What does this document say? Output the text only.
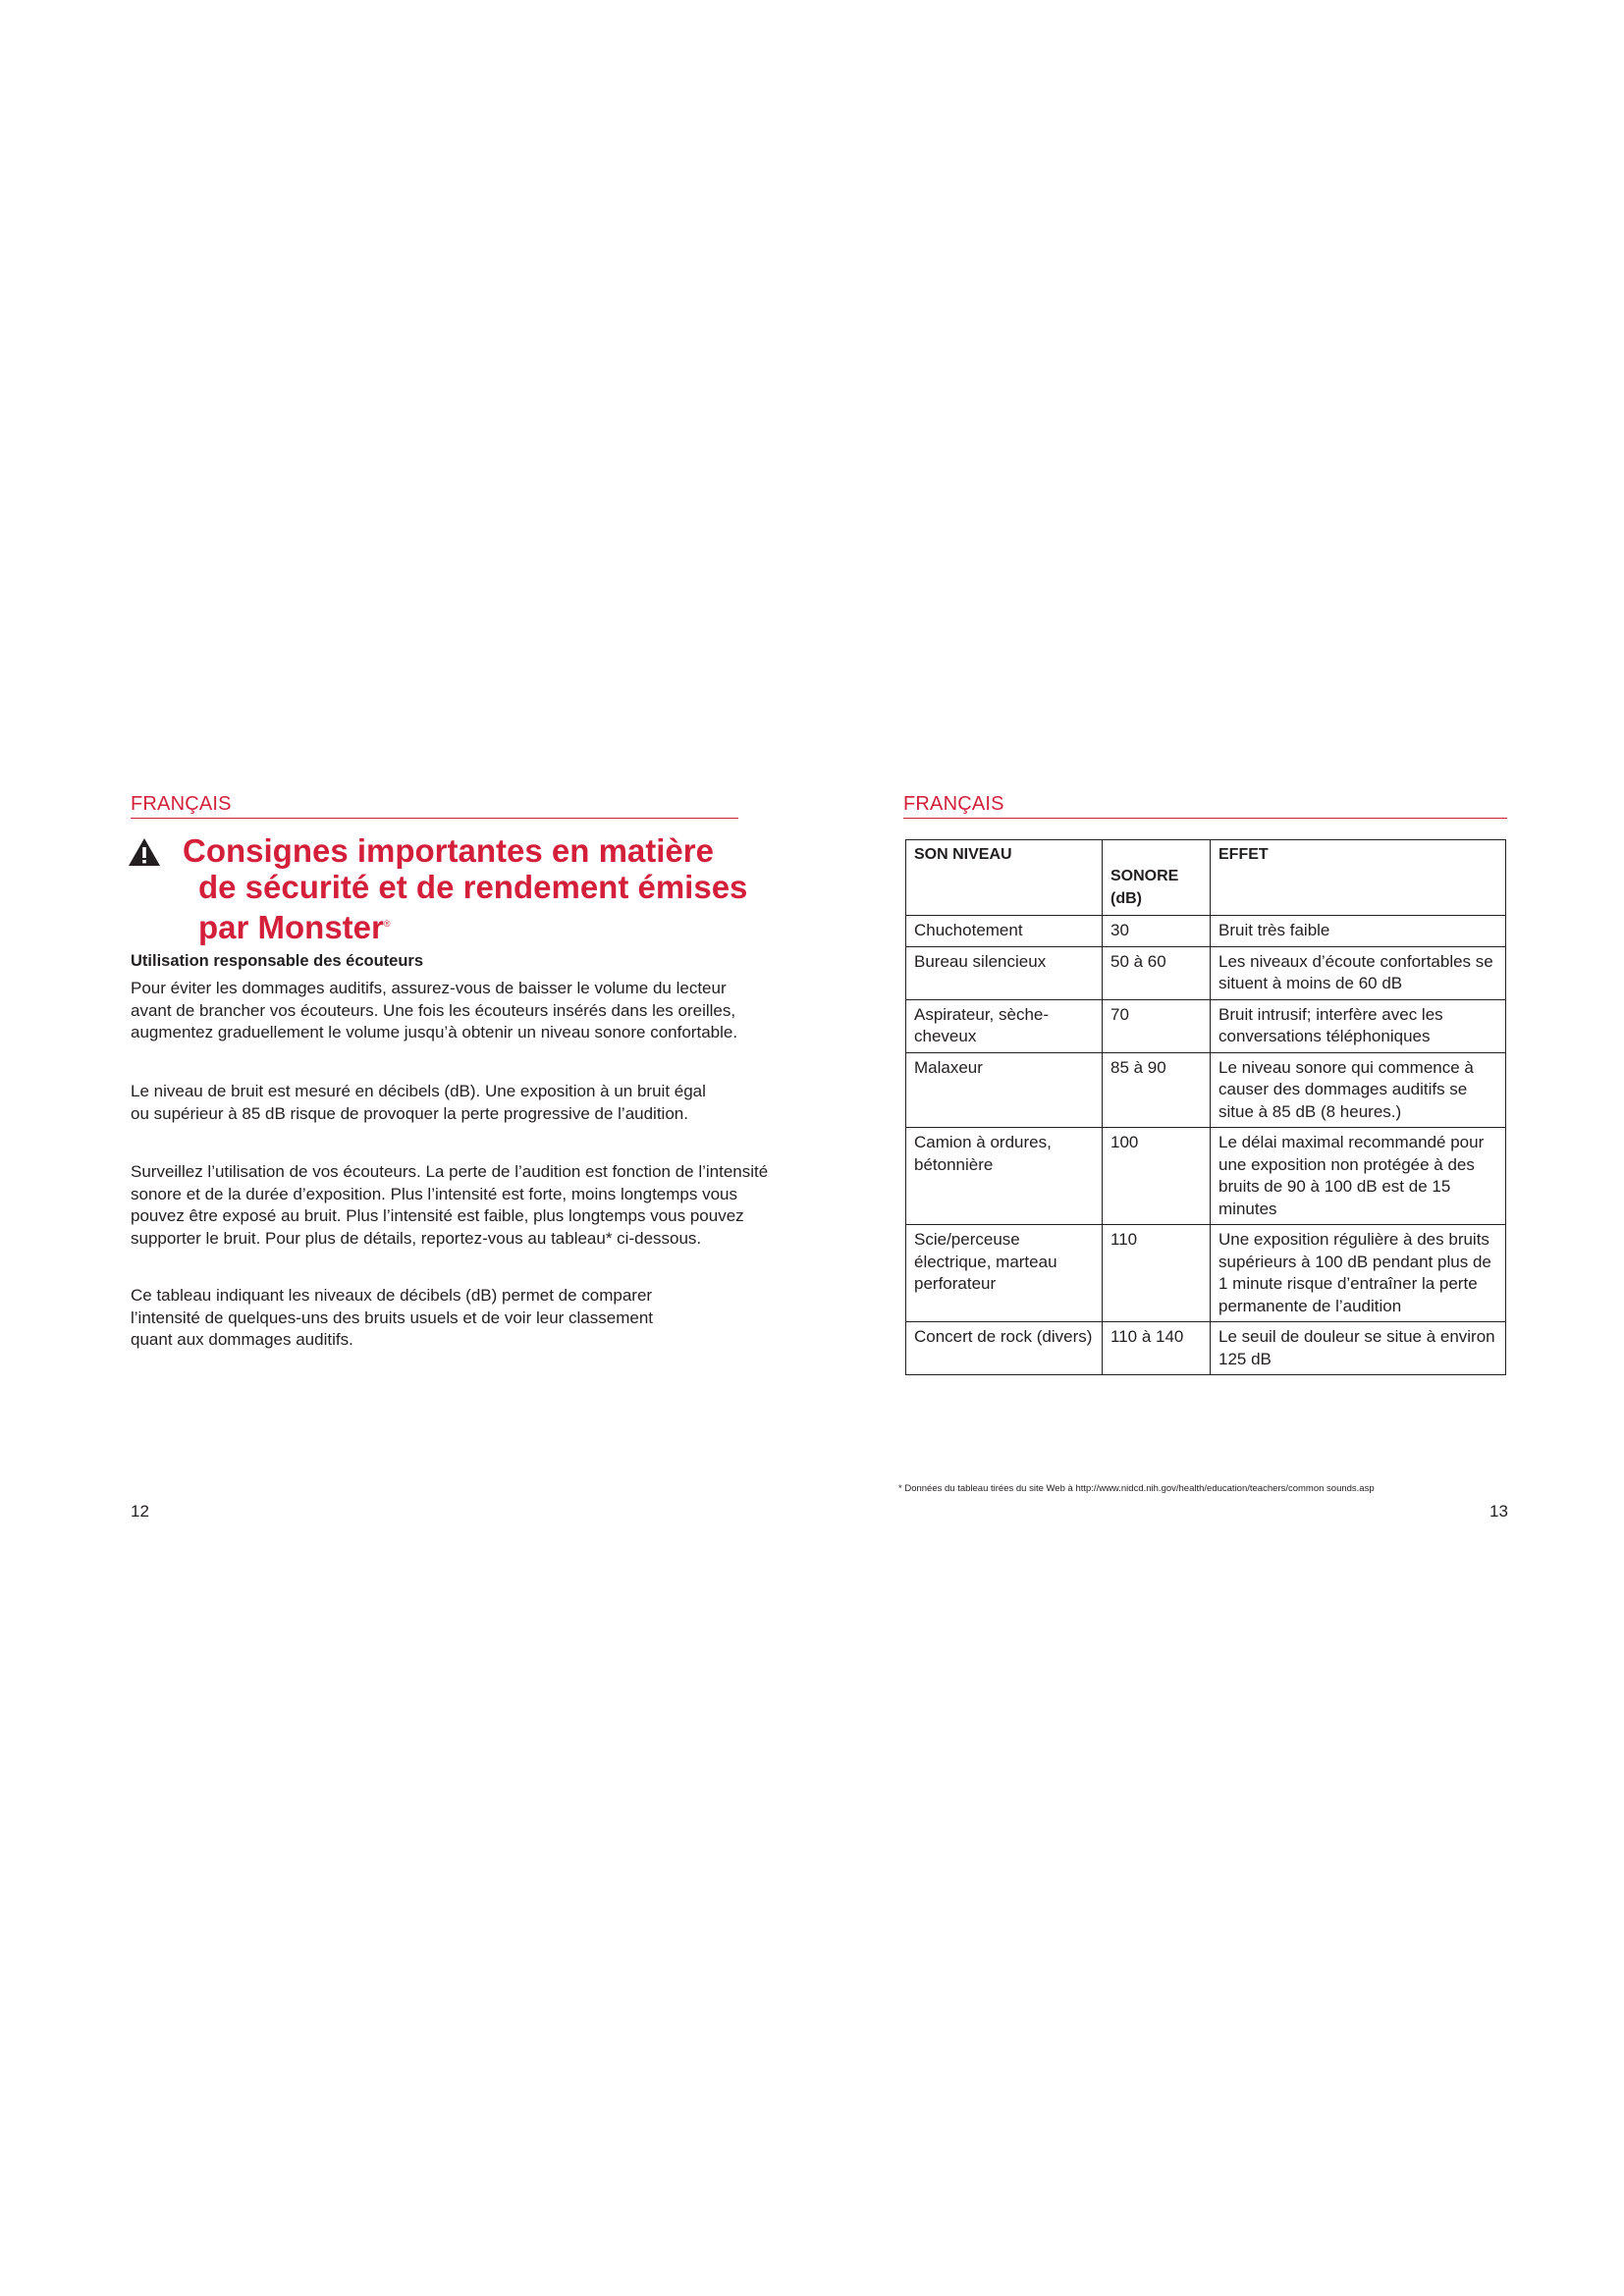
FRANÇAIS
Consignes importantes en matière
de sécurité et de rendement émises
par Monster®
Utilisation responsable des écouteurs

Pour éviter les dommages auditifs, assurez-vous de baisser le volume du lecteur avant de brancher vos écouteurs. Une fois les écouteurs insérés dans les oreilles, augmentez graduellement le volume jusqu’à obtenir un niveau sonore confortable.

Le niveau de bruit est mesuré en décibels (dB). Une exposition à un bruit égal ou supérieur à 85 dB risque de provoquer la perte progressive de l’audition.

Surveillez l’utilisation de vos écouteurs. La perte de l’audition est fonction de l’intensité sonore et de la durée d’exposition. Plus l’intensité est forte, moins longtemps vous pouvez être exposé au bruit. Plus l’intensité est faible, plus longtemps vous pouvez supporter le bruit. Pour plus de détails, reportez-vous au tableau* ci-dessous.

Ce tableau indiquant les niveaux de décibels (dB) permet de comparer l’intensité de quelques-uns des bruits usuels et de voir leur classement quant aux dommages auditifs.

12
FRANÇAIS
SON NIVEAU	SONORE (dB)	EFFET
Chuchotement	30	Bruit très faible
Bureau silencieux	50 à 60	Les niveaux d’écoute confortables se situent à moins de 60 dB
Aspirateur, sèche-cheveux	70	Bruit intrusif; interfère avec les conversations téléphoniques
Malaxeur	85 à 90	Le niveau sonore qui commence à causer des dommages auditifs se situe à 85 dB (8 heures.)
Camion à ordures, bétonnière	100	Le délai maximal recommandé pour une exposition non protégée à des bruits de 90 à 100 dB est de 15 minutes
Scie/perceuse électrique, marteau perforateur	110	Une exposition régulière à des bruits supérieurs à 100 dB pendant plus de 1 minute risque d’entraîner la perte permanente de l’audition
Concert de rock (divers)	110 à 140	Le seuil de douleur se situe à environ 125 dB
* Données du tableau tirées du site Web à http://www.nidcd.nih.gov/health/education/teachers/common sounds.asp
13
